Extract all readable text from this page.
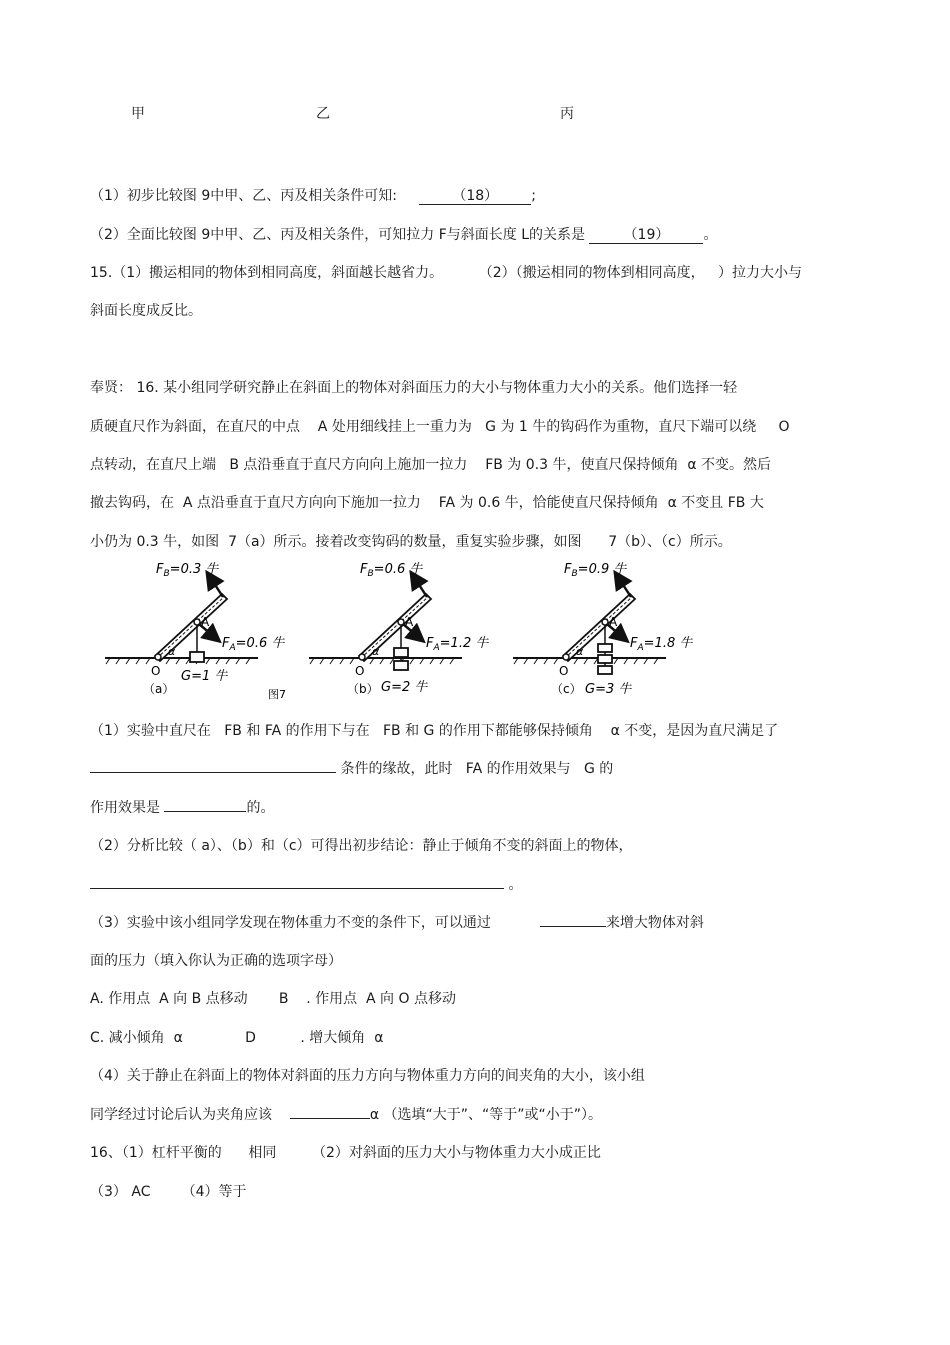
甲	乙	丙
（1）初步比较图 9中甲、乙、丙及相关条件可知:	（18） ;
（2）全面比较图 9中甲、乙、丙及相关条件，可知拉力 F与斜面长度 L的关系是	（19） 。
15.（1）搬运相同的物体到相同高度，斜面越长越省力。        （2）（搬运相同的物体到相同高度，   ）拉力大小与
斜面长度成反比。
奉贤： 16. 某小组同学研究静止在斜面上的物体对斜面压力的大小与物体重力大小的关系。他们选择一轻
质硬直尺作为斜面，在直尺的中点    A 处用细线挂上一重力为   G 为 1 牛的钩码作为重物，直尺下端可以绕     O
点转动，在直尺上端   B 点沿垂直于直尺方向向上施加一拉力    FB 为 0.3 牛，使直尺保持倾角  α 不变。然后
撤去钩码，在  A 点沿垂直于直尺方向向下施加一拉力    FA 为 0.6 牛，恰能使直尺保持倾角  α 不变且 FB 大
小仍为 0.3 牛，如图  7（a）所示。接着改变钩码的数量，重复实验步骤，如图      7（b）、（c）所示。
$F_B=0.3$ 牛
A
$F_A=0.6$ 牛
α
O
（a）
G=1 牛
图7
$F_B=0.6$ 牛
A
$F_A=1.2$ 牛
α
O
（b） G=2 牛
$F_B=0.9$ 牛
A
$F_A=1.8$ 牛
α
O
（c） G=3 牛
（1）实验中直尺在   FB 和 FA 的作用下与在   FB 和 G 的作用下都能够保持倾角    α 不变，是因为直尺满足了
条件的缘故，此时   FA 的作用效果与   G 的
作用效果是	的。
（2）分析比较（ a）、（b）和（c）可得出初步结论：静止于倾角不变的斜面上的物体，
。
（3）实验中该小组同学发现在物体重力不变的条件下，可以通过	来增大物体对斜
面的压力（填入你认为正确的选项字母）
A. 作用点  A 向 B 点移动       B    . 作用点  A 向 O 点移动
C. 减小倾角  α              D          . 增大倾角  α
（4）关于静止在斜面上的物体对斜面的压力方向与物体重力方向的间夹角的大小，该小组
同学经过讨论后认为夹角应该	α （选填“大于”、“等于”或“小于”）。
16、（1）杠杆平衡的      相同        （2）对斜面的压力大小与物体重力大小成正比
（3） AC       （4）等于
